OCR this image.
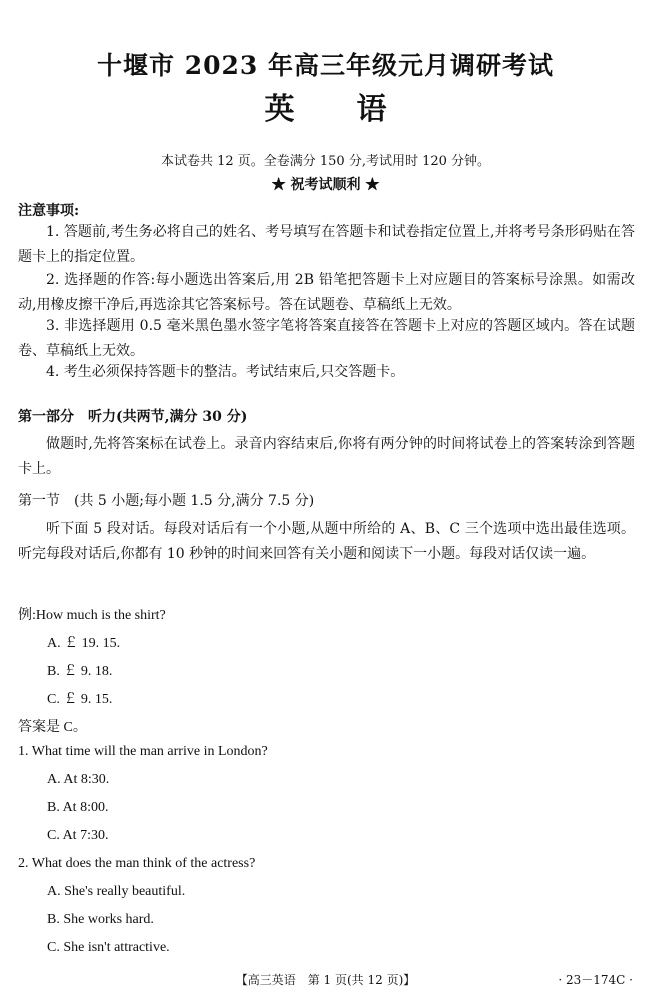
十堰市 2023 年高三年级元月调研考试
英语
本试卷共 12 页。全卷满分 150 分,考试用时 120 分钟。
★ 祝考试顺利 ★
注意事项:
1. 答题前,考生务必将自己的姓名、考号填写在答题卡和试卷指定位置上,并将考号条形码贴在答题卡上的指定位置。
2. 选择题的作答:每小题选出答案后,用 2B 铅笔把答题卡上对应题目的答案标号涂黑。如需改动,用橡皮擦干净后,再选涂其它答案标号。答在试题卷、草稿纸上无效。
3. 非选择题用 0.5 毫米黑色墨水签字笔将答案直接答在答题卡上对应的答题区域内。答在试题卷、草稿纸上无效。
4. 考生必须保持答题卡的整洁。考试结束后,只交答题卡。
第一部分　听力(共两节,满分 30 分)
做题时,先将答案标在试卷上。录音内容结束后,你将有两分钟的时间将试卷上的答案转涂到答题卡上。
第一节　(共 5 小题;每小题 1.5 分,满分 7.5 分)
听下面 5 段对话。每段对话后有一个小题,从题中所给的 A、B、C 三个选项中选出最佳选项。听完每段对话后,你都有 10 秒钟的时间来回答有关小题和阅读下一小题。每段对话仅读一遍。
例:How much is the shirt?
A. ￡ 19. 15.
B. ￡ 9. 18.
C. ￡ 9. 15.
答案是 C。
1. What time will the man arrive in London?
A. At 8:30.
B. At 8:00.
C. At 7:30.
2. What does the man think of the actress?
A. She's really beautiful.
B. She works hard.
C. She isn't attractive.
【高三英语　第 1 页(共 12 页)】	· 23－174C ·
